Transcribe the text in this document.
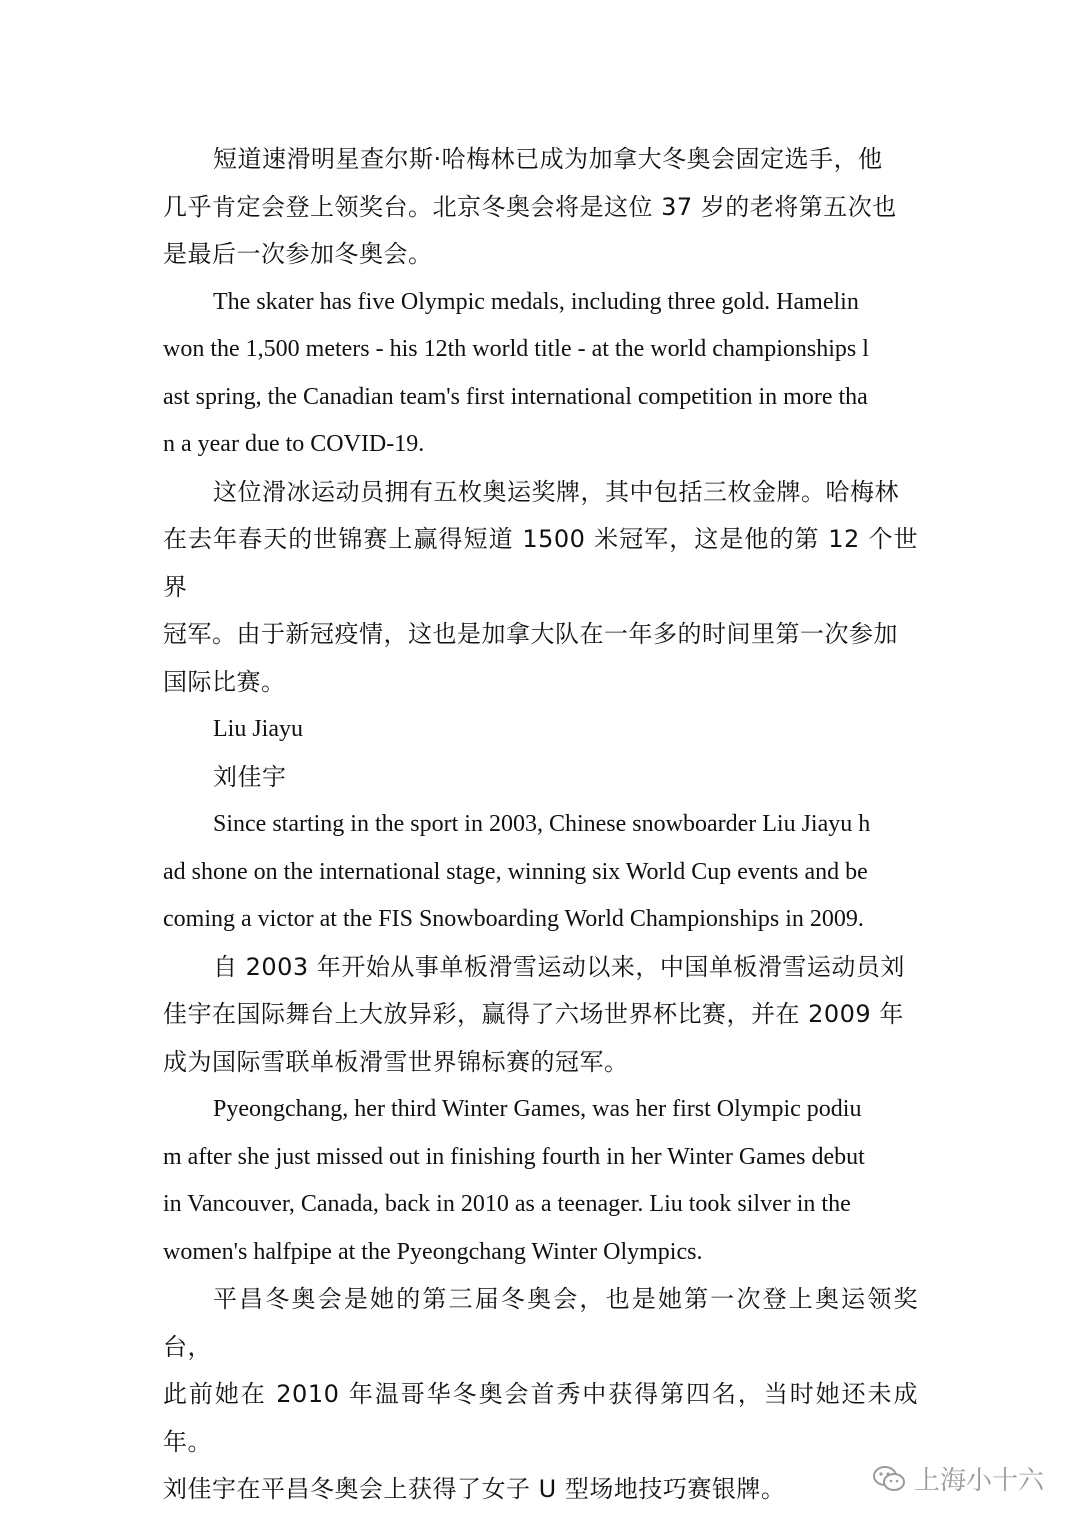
短道速滑明星查尔斯·哈梅林已成为加拿大冬奥会固定选手，他
几乎肯定会登上领奖台。北京冬奥会将是这位 37 岁的老将第五次也
是最后一次参加冬奥会。

The skater has five Olympic medals, including three gold. Hamelin
won the 1,500 meters - his 12th world title - at the world championships l
ast spring, the Canadian team's first international competition in more tha
n a year due to COVID-19.

这位滑冰运动员拥有五枚奥运奖牌，其中包括三枚金牌。哈梅林
在去年春天的世锦赛上赢得短道 1500 米冠军，这是他的第 12 个世界
冠军。由于新冠疫情，这也是加拿大队在一年多的时间里第一次参加
国际比赛。

Liu Jiayu

刘佳宇

Since starting in the sport in 2003, Chinese snowboarder Liu Jiayu h
ad shone on the international stage, winning six World Cup events and be
coming a victor at the FIS Snowboarding World Championships in 2009.

自 2003 年开始从事单板滑雪运动以来，中国单板滑雪运动员刘
佳宇在国际舞台上大放异彩，赢得了六场世界杯比赛，并在 2009 年
成为国际雪联单板滑雪世界锦标赛的冠军。

Pyeongchang, her third Winter Games, was her first Olympic podiu
m after she just missed out in finishing fourth in her Winter Games debut
in Vancouver, Canada, back in 2010 as a teenager. Liu took silver in the
women's halfpipe at the Pyeongchang Winter Olympics.

平昌冬奥会是她的第三届冬奥会，也是她第一次登上奥运领奖台，
此前她在 2010 年温哥华冬奥会首秀中获得第四名，当时她还未成年。
刘佳宇在平昌冬奥会上获得了女子 U 型场地技巧赛银牌。	上海小十六
